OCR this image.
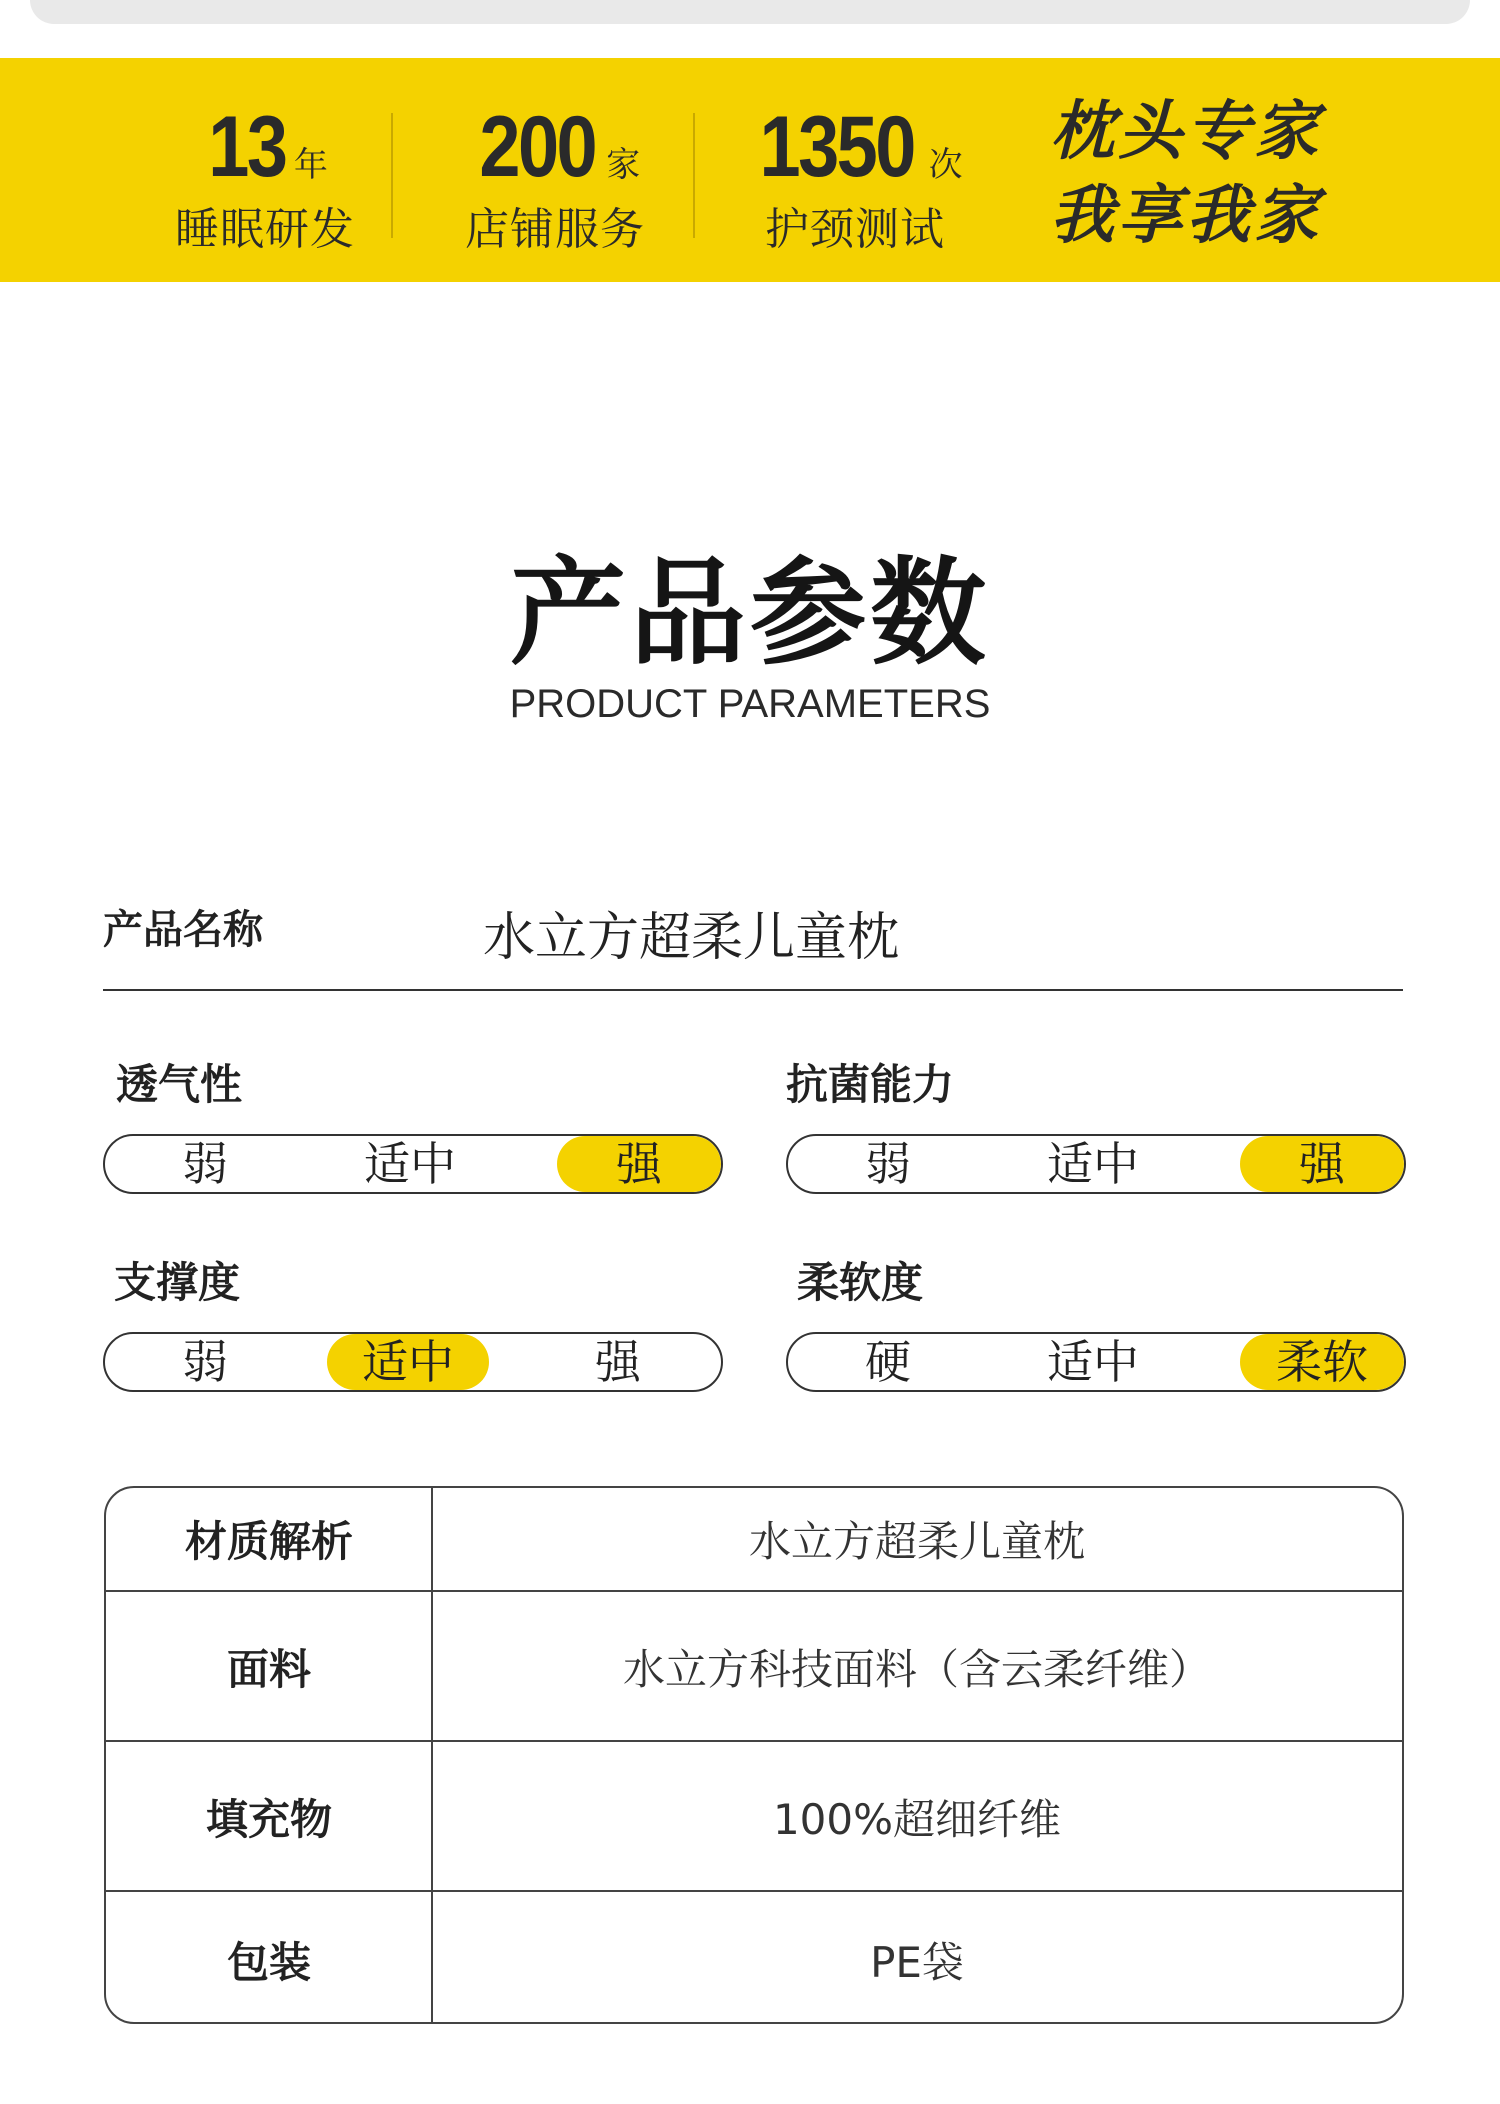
13 年
睡眠研发
200 家
店铺服务
1350 次
护颈测试
枕头专家
我享我家
产品参数
PRODUCT PARAMETERS
产品名称	水立方超柔儿童枕
透气性
弱	适中	强
抗菌能力
弱	适中	强
支撑度
弱	适中	强
柔软度
硬	适中	柔软
材质解析	水立方超柔儿童枕
面料	水立方科技面料（含云柔纤维）
填充物	100%超细纤维
包装	PE袋
